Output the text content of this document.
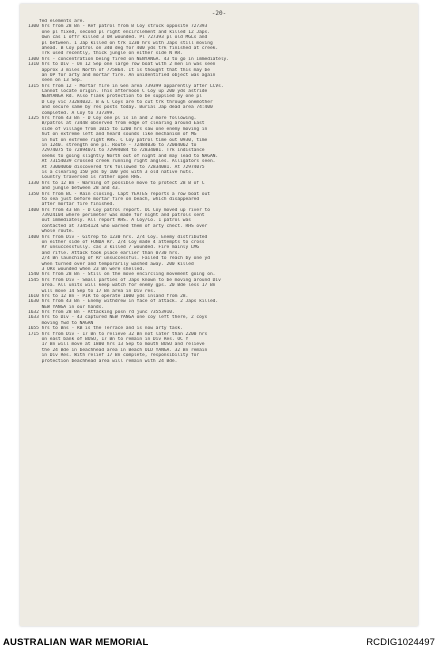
-20-
fed elements are.
1300 hrs from 28 Bn - Ref patrol from B Coy struck opposite 727393
one pl fixed, second pl right encirclement and killed 12 Japs.
Own cas 1 offr killed 3 OR wounded. Pl 727393 pl old MGLs and
pl between. 1 Jap killed on trk 1230 hrs with Japs still moving
ahead. B Coy patrol on 340 deg for 400 yds trk finished at creek.
Trk used recently, thick jungle on either side N RR.
1300 hrs - concentration being fired on NENYANGA. 43 to go in immediately.
1310 hrs to Div - On 12 Sep one large row boat with 2 men in was seen
approx 3 miles North of 775864. It is thought that this may be
an OP for arty and mortar fire. An unidentified object was again
seen on 13 Sep.
1315 hrs from 12 - Mortar fire in Gen area 739399 apparently after LCVs.
Cannot locate origin. This afternoon C Coy up 200 yds astride
NENYANGA Rd. Also flank protection to be supplied by one pl
D Coy vic 73284032. B & C Coys are to cut trk through onemother
and secure same by res posts today. Burial Jap dead area 74:400
completed. A Coy to 737399.
1325 hrs from 43 Bn - D Coy one pl is in and 2 more following.
B/patrol at 73448 observed from edge of clearing around East
side of village from 1015 to 1200 hrs saw one enemy moving in
hut on extreme left and heard sounds like mechanism of MG
in hut on extreme right RHS. C Coy patrol time out 0930, time
in 1240. strength one pl. Route - 72484036 to 72004062 to
72974075 to 72894071 to 72994084 to 72834081. Trk indistance
seems to going slightly North out of night and may lead to NAGAN.
At 73154039 crossed creek running right angles. Alligators seen.
At 73004060 discovered trk followed to 72834081. At 72974075
is a clearing 150 yds by 100 yds with 3 old native huts.
Country traversed is rather open RHS.
1330 hrs to 12 Bn - Warning of possible move to protect 28 B of C
and jungle between 28 and 43.
1350 hrs from BC - Rain closing. Capt YEATES reports a row boat out
to sea just before mortar fire on beach, which disappeared
after mortar fire finished.
1400 hrs from 43 Bn - D Coy patrol report. OC Coy moved up river to
73924104 where perimeter was made for night and patrols sent
out immediately. All report RHS. A Coy/Co. 1 patrol was
contacted at 73454124 who warned them of arty chect. RHS over
whole route.
1400 hrs from Div - Gitrep to 1230 hrs. 2/4 Coy. Enemy distributed
on either side of FUNDA Rr. 2/4 Coy made 4 attempts to cross
Rr unsuccessfully. cas 3 killed 7 wounded. Fire mainly LMG
and rifle. Attack took place earlier than 0730 hrs.
2/4 Bn launching of Rr unsuccessful. Failed to reach by one yd
when turned over and temporarily washed away. 200 killed
3 ORs wounded when 23 Bn were shelled.
1540 hrs from 28 Bn - Still on the move encircling movement going on.
1545 hrs from Div - Small parties of Japs known to be moving around Div
area. All units will keep watch for enemy gps. 20 Bde less 17 Bn
will move 14 Sep to 17 Bn area in Div res.
1610 hrs to 12 Bn - PIR to operate 1000 yds inland from 28.
1630 hrs from 43 Bn - Enemy withdrew in face of attack. 2 Japs killed.
NEW YANGA in our hands.
1632 hrs from 28 Bn - Attacking posn rd junc 73553910.
1633 hrs to Div - 43 captured NEW YANGA one coy left there, 2 coys
moving fwd to NAGAN
1655 hrs to Bns - RB is the Terrace and is now arty task.
1715 hrs from Div - 17 Bn to relieve 32 Bn not later than 2200 hrs
on east bank of BUSU, 17 Bn to remain in Div Res. OC Y
17 Bn will move at 1800 hrs 13 Sep to mouth BUSU and relieve
the 24 Bde in beachhead area in Beach OLD YANGA. 32 Bn remain
in Div Res. With relief 17 Bn complete, responsibility for
protection beachhead area will remain with 24 Bde.
AUSTRALIAN WAR MEMORIAL	RCDIG1024497
